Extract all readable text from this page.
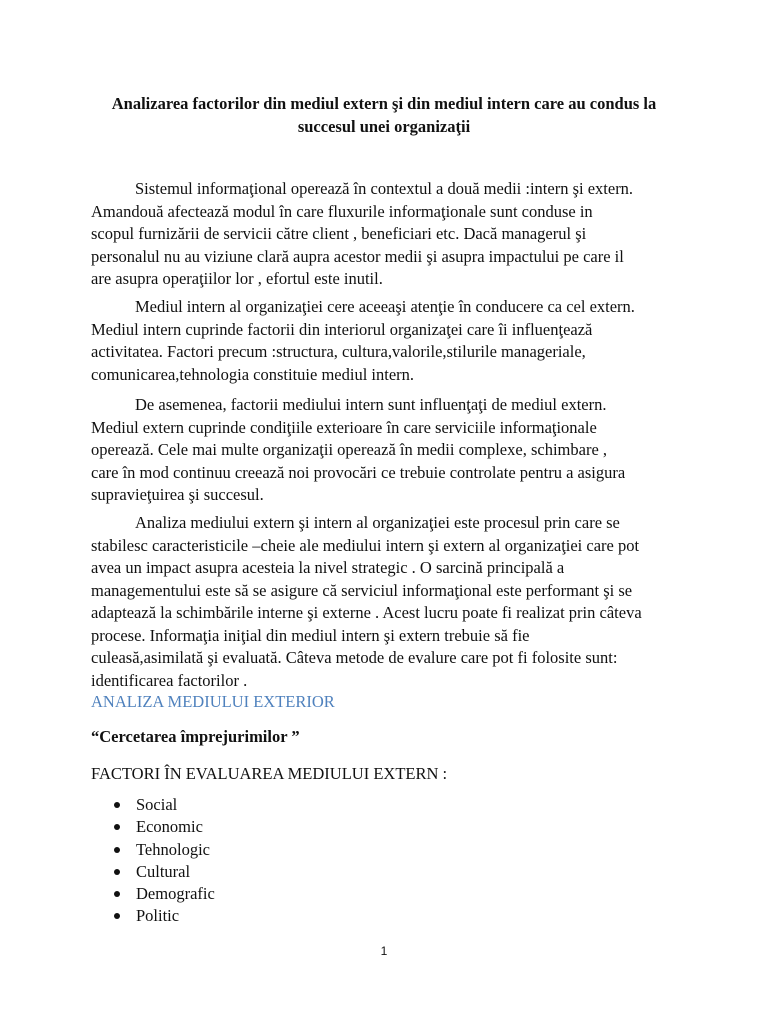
Analizarea factorilor din mediul extern şi din mediul intern care au condus la
succesul unei organizaţii
Sistemul informaţional operează în contextul a două medii :intern şi extern.
Amandouă afectează modul în care fluxurile informaţionale sunt conduse in
scopul furnizării de servicii către client , beneficiari etc. Dacă managerul şi
personalul nu au viziune clară aupra acestor medii şi asupra impactului pe care il
are asupra operaţiilor lor , efortul este inutil.
Mediul intern al organizaţiei cere aceeaşi atenţie în conducere ca cel extern.
Mediul intern cuprinde factorii din interiorul organizaţei care îi influenţează
activitatea. Factori precum :structura, cultura,valorile,stilurile manageriale,
comunicarea,tehnologia constituie mediul intern.
De asemenea, factorii mediului intern sunt influenţaţi de mediul extern.
Mediul extern cuprinde condiţiile exterioare în care serviciile informaţionale
operează. Cele mai multe organizaţii operează în medii complexe, schimbare ,
care în mod continuu creează noi provocări ce trebuie controlate pentru a asigura
supravieţuirea şi succesul.
Analiza mediului extern şi intern al organizaţiei este procesul prin care se
stabilesc caracteristicile –cheie ale mediului intern şi extern al organizaţiei care pot
avea un impact asupra acesteia la nivel strategic . O sarcină principală a
managementului este să se asigure că serviciul informaţional este performant şi se
adaptează la schimbările interne şi externe . Acest lucru poate fi realizat prin câteva
procese. Informaţia iniţial din mediul intern şi extern trebuie să fie
culeasă,asimilată şi evaluată. Câteva metode de evalure care pot fi folosite sunt:
identificarea factorilor .
ANALIZA MEDIULUI EXTERIOR
“Cercetarea împrejurimilor ”
FACTORI ÎN EVALUAREA MEDIULUI EXTERN :
Social
Economic
Tehnologic
Cultural
Demografic
Politic
1
